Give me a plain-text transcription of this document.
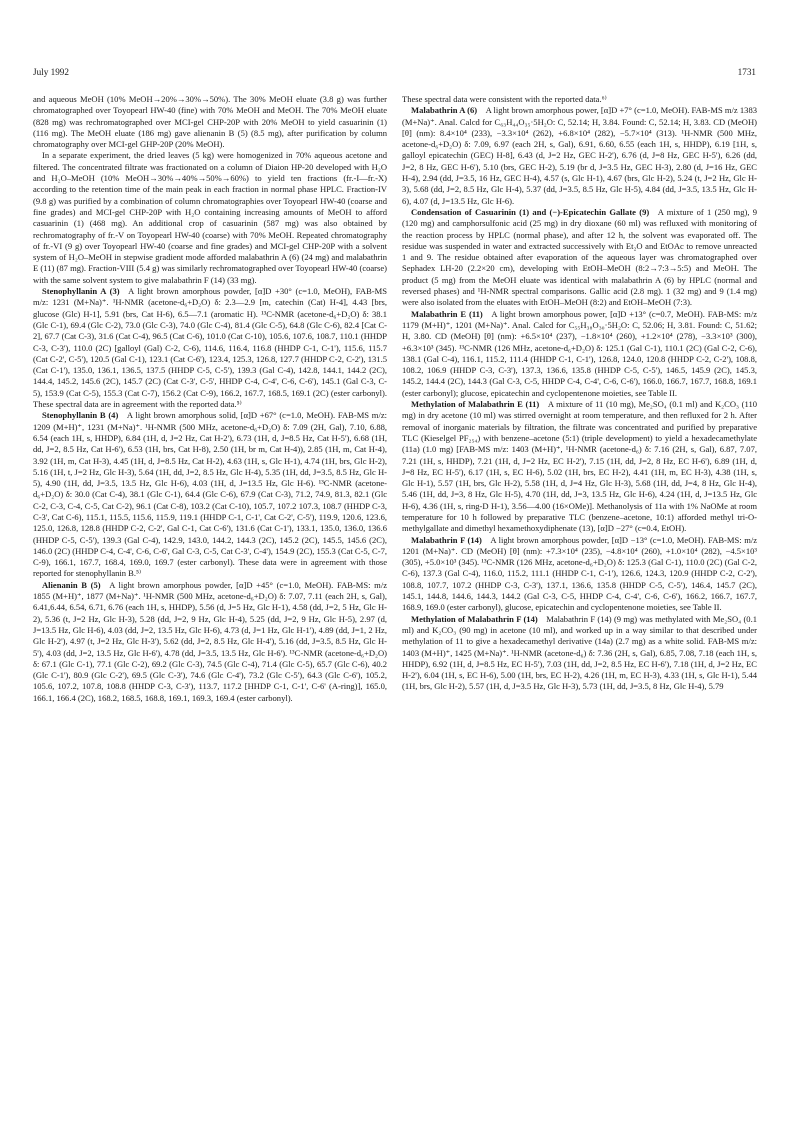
July 1992	1731

and aqueous MeOH (10% MeOH→20%→30%→50%). The 30% MeOH eluate (3.8 g) was further chromatographed over Toyopearl HW-40 (fine) with 70% MeOH and MeOH. The 70% MeOH eluate (828 mg) was rechromatographed over MCI-gel CHP-20P with 20% MeOH to yield casuarinin (1) (116 mg). The MeOH eluate (186 mg) gave alienanin B (5) (8.5 mg), after purification by column chromatography over MCI-gel GHP-20P (20% MeOH).

In a separate experiment, the dried leaves (5 kg) were homogenized in 70% aqueous acetone and filtered. The concentrated filtrate was fractionated on a column of Diaion HP-20 developed with H₂O and H₂O–MeOH (10% MeOH→30%→40%→50%→60%) to yield ten fractions (fr.-I—fr.-X) according to the retention time of the main peak in each fraction in normal phase HPLC. Fraction-IV (9.8 g) was purified by a combination of column chromatographies over Toyopearl HW-40 (coarse and fine grades) and MCI-gel CHP-20P with H₂O containing increasing amounts of MeOH to afford casuarinin (1) (468 mg). An additional crop of casuarinin (587 mg) was also obtained by rechromatography of fr.-V on Toyopearl HW-40 (coarse) with 70% MeOH. Repeated chromatography of fr.-VI (9 g) over Toyopearl HW-40 (coarse and fine grades) and MCI-gel CHP-20P with a solvent system of H₂O–MeOH in stepwise gradient mode afforded malabathrin A (6) (24 mg) and malabathrin E (11) (87 mg). Fraction-VIII (5.4 g) was similarly rechromatographed over Toyopearl HW-40 (coarse) with the same solvent system to give malabathrin F (14) (33 mg).

Stenophyllanin A (3)  A light brown amorphous powder, [α]D +30° (c=1.0, MeOH), FAB-MS m/z: 1231 (M+Na)⁺. ¹H-NMR (acetone-d₆+D₂O) δ: 2.3—2.9 [m, catechin (Cat) H-4], 4.43 [brs, glucose (Glc) H-1], 5.91 (brs, Cat H-6), 6.5—7.1 (aromatic H). ¹³C-NMR (acetone-d₆+D₂O) δ: 38.1 (Glc C-1), 69.4 (Glc C-2), 73.0 (Glc C-3), 74.0 (Glc C-4), 81.4 (Glc C-5), 64.8 (Glc C-6), 82.4 [Cat C-2], 67.7 (Cat C-3), 31.6 (Cat C-4), 96.5 (Cat C-6), 101.0 (Cat C-10), 105.6, 107.6, 108.7, 110.1 (HHDP C-3, C-3'), 110.0 (2C) [galloyl (Gal) C-2, C-6), 114.6, 116.4, 116.8 (HHDP C-1, C-1'), 115.6, 115.7 (Cat C-2', C-5'), 120.5 (Gal C-1), 123.1 (Cat C-6'), 123.4, 125.3, 126.8, 127.7 (HHDP C-2, C-2'), 131.5 (Cat C-1'), 135.0, 136.1, 136.5, 137.5 (HHDP C-5, C-5'), 139.3 (Gal C-4), 142.8, 144.1, 144.2 (2C), 144.4, 145.2, 145.6 (2C), 145.7 (2C) (Cat C-3', C-5', HHDP C-4, C-4', C-6, C-6'), 145.1 (Gal C-3, C-5), 153.9 (Cat C-5), 155.3 (Cat C-7), 156.2 (Cat C-9), 166.2, 167.7, 168.5, 169.1 (2C) (ester carbonyl). These spectral data are in agreement with the reported data.⁵⁾

Stenophyllanin B (4)  A light brown amorphous solid, [α]D +67° (c=1.0, MeOH). FAB-MS m/z: 1209 (M+H)⁺, 1231 (M+Na)⁺. ¹H-NMR (500 MHz, acetone-d₆+D₂O) δ: 7.09 (2H, Gal), 7.10, 6.88, 6.54 (each 1H, s, HHDP), 6.84 (1H, d, J=2 Hz, Cat H-2'), 6.73 (1H, d, J=8.5 Hz, Cat H-5'), 6.68 (1H, dd, J=2, 8.5 Hz, Cat H-6'), 6.53 (1H, brs, Cat H-8), 2.50 (1H, br m, Cat H-4)), 2.85 (1H, m, Cat H-4), 3.92 (1H, m, Cat H-3), 4.45 (1H, d, J=8.5 Hz, Cat H-2), 4.63 (1H, s, Glc H-1), 4.74 (1H, brs, Glc H-2), 5.16 (1H, t, J=2 Hz, Glc H-3), 5.64 (1H, dd, J=2, 8.5 Hz, Glc H-4), 5.35 (1H, dd, J=3.5, 8.5 Hz, Glc H-5), 4.90 (1H, dd, J=3.5, 13.5 Hz, Glc H-6), 4.03 (1H, d, J=13.5 Hz, Glc H-6). ¹³C-NMR (acetone-d₆+D₂O) δ: 30.0 (Cat C-4), 38.1 (Glc C-1), 64.4 (Glc C-6), 67.9 (Cat C-3), 71.2, 74.9, 81.3, 82.1 (Glc C-2, C-3, C-4, C-5, Cat C-2), 96.1 (Cat C-8), 103.2 (Cat C-10), 105.7, 107.2 107.3, 108.7 (HHDP C-3, C-3', Cat C-6), 115.1, 115.5, 115.6, 115.9, 119.1 (HHDP C-1, C-1', Cat C-2', C-5'), 119.9, 120.6, 123.6, 125.0, 126.8, 128.8 (HHDP C-2, C-2', Gal C-1, Cat C-6'), 131.6 (Cat C-1'), 133.1, 135.0, 136.0, 136.6 (HHDP C-5, C-5'), 139.3 (Gal C-4), 142.9, 143.0, 144.2, 144.3 (2C), 145.2 (2C), 145.5, 145.6 (2C), 146.0 (2C) (HHDP C-4, C-4', C-6, C-6', Gal C-3, C-5, Cat C-3', C-4'), 154.9 (2C), 155.3 (Cat C-5, C-7, C-9), 166.1, 167.7, 168.4, 169.0, 169.7 (ester carbonyl). These data were in agreement with those reported for stenophyllanin B.⁵⁾

Alienanin B (5)  A light brown amorphous powder, [α]D +45° (c=1.0, MeOH). FAB-MS: m/z 1855 (M+H)⁺, 1877 (M+Na)⁺. ¹H-NMR (500 MHz, acetone-d₆+D₂O) δ: 7.07, 7.11 (each 2H, s, Gal), 6.41,6.44, 6.54, 6.71, 6.76 (each 1H, s, HHDP), 5.56 (d, J=5 Hz, Glc H-1), 4.58 (dd, J=2, 5 Hz, Glc H-2), 5.36 (t, J=2 Hz, Glc H-3), 5.28 (dd, J=2, 9 Hz, Glc H-4), 5.25 (dd, J=2, 9 Hz, Glc H-5), 2.97 (d, J=13.5 Hz, Glc H-6), 4.03 (dd, J=2, 13.5 Hz, Glc H-6), 4.73 (d, J=1 Hz, Glc H-1'), 4.89 (dd, J=1, 2 Hz, Glc H-2'), 4.97 (t, J=2 Hz, Glc H-3'), 5.62 (dd, J=2, 8.5 Hz, Glc H-4'), 5.16 (dd, J=3.5, 8.5 Hz, Glc H-5'), 4.03 (dd, J=2, 13.5 Hz, Glc H-6'), 4.78 (dd, J=3.5, 13.5 Hz, Glc H-6'). ¹³C-NMR (acetone-d₆+D₂O) δ: 67.1 (Glc C-1), 77.1 (Glc C-2), 69.2 (Glc C-3), 74.5 (Glc C-4), 71.4 (Glc C-5), 65.7 (Glc C-6), 40.2 (Glc C-1'), 80.9 (Glc C-2'), 69.5 (Glc C-3'), 74.6 (Glc C-4'), 73.2 (Glc C-5'), 64.3 (Glc C-6'), 105.2, 105.6, 107.2, 107.8, 108.8 (HHDP C-3, C-3'), 113.7, 117.2 [HHDP C-1, C-1', C-6' (A-ring)], 165.0, 166.1, 166.4 (2C), 168.2, 168.5, 168.8, 169.1, 169.3, 169.4 (ester carbonyl).

These spectral data were consistent with the reported data.⁶⁾

Malabathrin A (6)  A light brown amorphous power, [α]D +7° (c=1.0, MeOH). FAB-MS m/z 1383 (M+Na)⁺. Anal. Calcd for C₆₃H₄₄O₃₅·5H₂O: C, 52.14; H, 3.84. Found: C, 52.14; H, 3.83. CD (MeOH) [θ] (nm): 8.4×10⁴ (233), −3.3×10⁴ (262), +6.8×10⁴ (282), −5.7×10⁴ (313). ¹H-NMR (500 MHz, acetone-d₆+D₂O) δ: 7.09, 6.97 (each 2H, s, Gal), 6.91, 6.60, 6.55 (each 1H, s, HHDP), 6.19 [1H, s, galloyl epicatechin (GEC) H-8], 6.43 (d, J=2 Hz, GEC H-2'), 6.76 (d, J=8 Hz, GEC H-5'), 6.26 (dd, J=2, 8 Hz, GEC H-6'), 5.10 (brs, GEC H-2), 5.19 (br d, J=3.5 Hz, GEC H-3), 2.80 (d, J=16 Hz, GEC H-4), 2.94 (dd, J=3.5, 16 Hz, GEC H-4), 4.57 (s, Glc H-1), 4.67 (brs, Glc H-2), 5.24 (t, J=2 Hz, Glc H-3), 5.68 (dd, J=2, 8.5 Hz, Glc H-4), 5.37 (dd, J=3.5, 8.5 Hz, Glc H-5), 4.84 (dd, J=3.5, 13.5 Hz, Glc H-6), 4.07 (d, J=13.5 Hz, Glc H-6).

Condensation of Casuarinin (1) and (−)-Epicatechin Gallate (9)  A mixture of 1 (250 mg), 9 (120 mg) and camphorsulfonic acid (25 mg) in dry dioxane (60 ml) was refluxed with monitoring of the reaction process by HPLC (normal phase), and after 12 h, the solvent was evaporated off. The residue was suspended in water and extracted successively with Et₂O and EtOAc to remove unreacted 1 and 9. The residue obtained after evaporation of the aqueous layer was chromatographed over Sephadex LH-20 (2.2×20 cm), developing with EtOH–MeOH (8:2→7:3→5:5) and MeOH. The product (5 mg) from the MeOH eluate was identical with malabathrin A (6) by HPLC (normal and reversed phases) and ¹H-NMR spectral comparisons. Gallic acid (2.8 mg). 1 (32 mg) and 9 (1.4 mg) were also isolated from the eluates with EtOH–MeOH (8:2) and EtOH–MeOH (7:3).

Malabathrin E (11)  A light brown amorphous power, [α]D +13° (c=0.7, MeOH). FAB-MS: m/z 1179 (M+H)⁺, 1201 (M+Na)⁺. Anal. Calcd for C₅₅H₃₈O₃₀·5H₂O: C, 52.06; H, 3.81. Found: C, 51.62; H, 3.80. CD (MeOH) [θ] (nm): +6.5×10⁴ (237), −1.8×10⁴ (260), +1.2×10⁴ (278), −3.3×10³ (300), +6.3×10³ (345). ¹³C-NMR (126 MHz, acetone-d₆+D₂O) δ: 125.1 (Gal C-1), 110.1 (2C) (Gal C-2, C-6), 138.1 (Gal C-4), 116.1, 115.2, 111.4 (HHDP C-1, C-1'), 126.8, 124.0, 120.8 (HHDP C-2, C-2'), 108.8, 108.2, 106.9 (HHDP C-3, C-3'), 137.3, 136.6, 135.8 (HHDP C-5, C-5'), 146.5, 145.9 (2C), 145.3, 145.2, 144.4 (2C), 144.3 (Gal C-3, C-5, HHDP C-4, C-4', C-6, C-6'), 166.0, 166.7, 167.7, 168.8, 169.1 (ester carbonyl); glucose, epicatechin and cyclopentenone moieties, see Table II.

Methylation of Malabathrin E (11)  A mixture of 11 (10 mg), Me₂SO₄ (0.1 ml) and K₂CO₃ (110 mg) in dry acetone (10 ml) was stirred overnight at room temperature, and then refluxed for 2 h. After removal of inorganic materials by filtration, the filtrate was concentrated and purified by preparative TLC (Kieselgel PF₂₅₄) with benzene–acetone (5:1) (triple development) to yield a hexadecamethylate (11a) (1.0 mg) [FAB-MS m/z: 1403 (M+H)⁺, ¹H-NMR (acetone-d₆) δ: 7.16 (2H, s, Gal), 6.87, 7.07, 7.21 (1H, s, HHDP), 7.21 (1H, d, J=2 Hz, EC H-2'), 7.15 (1H, dd, J=2, 8 Hz, EC H-6'), 6.89 (1H, d, J=8 Hz, EC H-5'), 6.17 (1H, s, EC H-6), 5.02 (1H, brs, EC H-2), 4.41 (1H, m, EC H-3), 4.38 (1H, s, Glc H-1), 5.57 (1H, brs, Glc H-2), 5.58 (1H, d, J=4 Hz, Glc H-3), 5.68 (1H, dd, J=4, 8 Hz, Glc H-4), 5.46 (1H, dd, J=3, 8 Hz, Glc H-5), 4.70 (1H, dd, J=3, 13.5 Hz, Glc H-6), 4.24 (1H, d, J=13.5 Hz, Glc H-6), 4.36 (1H, s, ring-D H-1), 3.56—4.00 (16×OMe)]. Methanolysis of 11a with 1% NaOMe at room temperature for 10 h followed by preparative TLC (benzene–acetone, 10:1) afforded methyl tri-O-methylgallate and dimethyl hexamethoxydiphenate (13), [α]D −27° (c=0.4, EtOH).

Malabathrin F (14)  A light brown amorphous powder, [α]D −13° (c=1.0, MeOH). FAB-MS: m/z 1201 (M+Na)⁺. CD (MeOH) [θ] (nm): +7.3×10⁴ (235), −4.8×10⁴ (260), +1.0×10⁴ (282), −4.5×10³ (305), +5.0×10³ (345). ¹³C-NMR (126 MHz, acetone-d₆+D₂O) δ: 125.3 (Gal C-1), 110.0 (2C) (Gal C-2, C-6), 137.3 (Gal C-4), 116.0, 115.2, 111.1 (HHDP C-1, C-1'), 126.6, 124.3, 120.9 (HHDP C-2, C-2'), 108.8, 107.7, 107.2 (HHDP C-3, C-3'), 137.1, 136.6, 135.8 (HHDP C-5, C-5'), 146.4, 145.7 (2C), 145.1, 144.8, 144.6, 144.3, 144.2 (Gal C-3, C-5, HHDP C-4, C-4', C-6, C-6'), 166.2, 166.7, 167.7, 168.9, 169.0 (ester carbonyl), glucose, epicatechin and cyclopentenone moieties, see Table II.

Methylation of Malabathrin F (14)  Malabathrin F (14) (9 mg) was methylated with Me₂SO₄ (0.1 ml) and K₂CO₃ (90 mg) in acetone (10 ml), and worked up in a way similar to that described under methylation of 11 to give a hexadecamethyl derivative (14a) (2.7 mg) as a white solid. FAB-MS m/z: 1403 (M+H)⁺, 1425 (M+Na)⁺. ¹H-NMR (acetone-d₆) δ: 7.36 (2H, s, Gal), 6.85, 7.08, 7.18 (each 1H, s, HHDP), 6.92 (1H, d, J=8.5 Hz, EC H-5'), 7.03 (1H, dd, J=2, 8.5 Hz, EC H-6'), 7.18 (1H, d, J=2 Hz, EC H-2'), 6.04 (1H, s, EC H-6), 5.00 (1H, brs, EC H-2), 4.26 (1H, m, EC H-3), 4.33 (1H, s, Glc H-1), 5.44 (1H, brs, Glc H-2), 5.57 (1H, d, J=3.5 Hz, Glc H-3), 5.73 (1H, dd, J=3.5, 8 Hz, Glc H-4), 5.79
